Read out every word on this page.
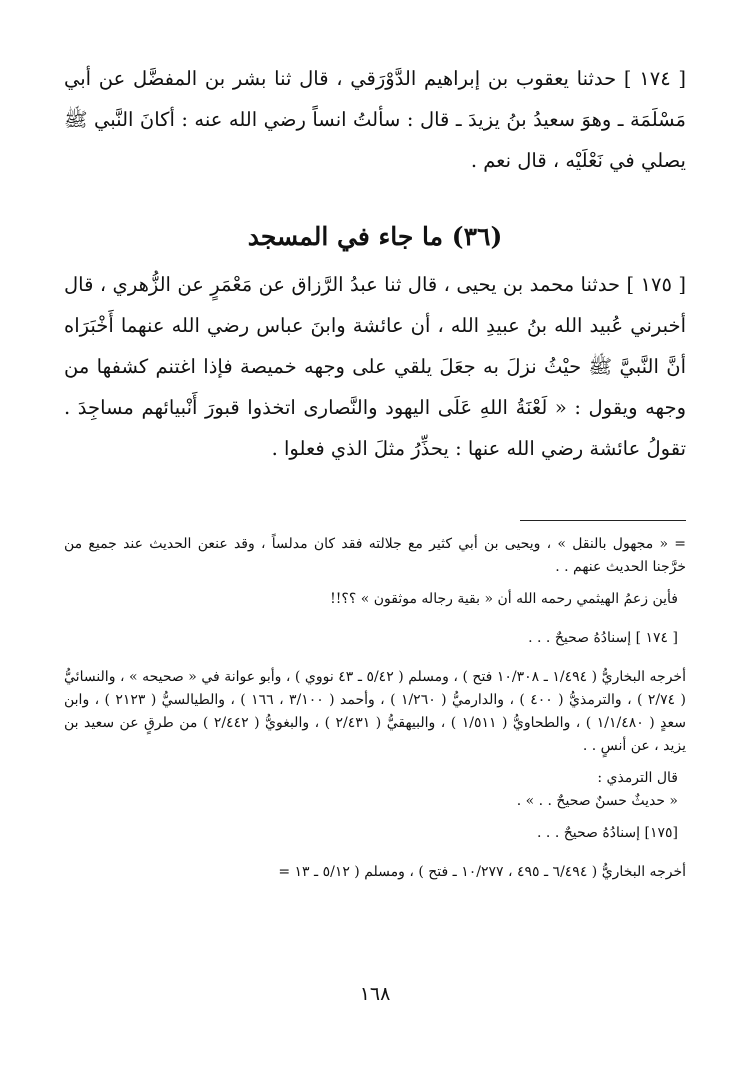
[ ١٧٤ ] حدثنا يعقوب بن إبراهيم الدَّوْرَقي ، قال ثنا بشر بن المفضَّل عن أبي مَسْلَمَة ـ وهوَ سعيدُ بنُ يزيدَ ـ قال : سألتُ انساً رضي الله عنه : أكانَ النَّبي ﷺ يصلي في نَعْلَيْه ، قال نعم .

(٣٦) ما جاء في المسجد

[ ١٧٥ ] حدثنا محمد بن يحيى ، قال ثنا عبدُ الرَّزاق عن مَعْمَرٍ عن الزُّهري ، قال أخبرني عُبيد الله بنُ عبيدِ الله ، أن عائشة وابنَ عباس رضي الله عنهما أَخْبَرَاه أنَّ النَّبيَّ ﷺ حيْثُ نزلَ به جعَلَ يلقي على وجهه خميصة فإذا اغتنم كشفها من وجهه ويقول : « لَعْنَةُ اللهِ عَلَى اليهود والنَّصارى اتخذوا قبورَ أَنْبيائهم مساجِدَ . تقولُ عائشة رضي الله عنها : يحذِّرُ مثلَ الذي فعلوا .

= « مجهول بالنقل » ، ويحيى بن أبي كثير مع جلالته فقد كان مدلساً ، وقد عنعن الحديث عند جميع من خرَّجنا الحديث عنهم . .

فأين زعمُ الهيثمي رحمه الله أن « بقية رجاله موثقون » ؟؟!!

[ ١٧٤ ] إسنادُهُ صحيحٌ . . .

أخرجه البخاريُّ ( ١/٤٩٤ ـ ١٠/٣٠٨ فتح ) ، ومسلم ( ٥/٤٢ ـ ٤٣ نووي ) ، وأبو عوانة في « صحيحه » ، والنسائيُّ ( ٢/٧٤ ) ، والترمذيُّ ( ٤٠٠ ) ، والدارميُّ ( ١/٢٦٠ ) ، وأحمد ( ٣/١٠٠ ، ١٦٦ ) ، والطيالسيُّ ( ٢١٢٣ ) ، وابن سعدٍ ( ١/١/٤٨٠ ) ، والطحاويُّ ( ١/٥١١ ) ، والبيهقيُّ ( ٢/٤٣١ ) ، والبغويُّ ( ٢/٤٤٢ ) من طرقٍ عن سعيد بن يزيد ، عن أنسٍ . .

قال الترمذي :

« حديثٌ حسنٌ صحيحٌ . . » .

[١٧٥] إسنادُهُ صحيحٌ . . .

أخرجه البخاريُّ ( ٦/٤٩٤ ـ ٤٩٥ ، ١٠/٢٧٧ ـ فتح ) ، ومسلم ( ٥/١٢ ـ ١٣ =

١٦٨
